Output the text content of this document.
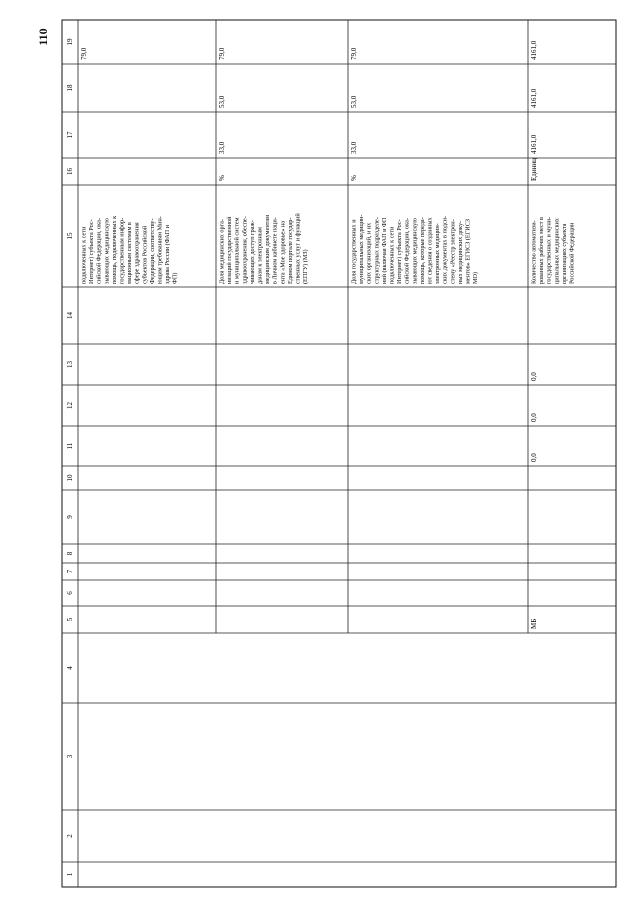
110
1
2
3
4
5
6
7
8
9
10
11
12
13
14
15
16
17
18
19
подключенных к сети Интернет) субъекта Рос- сийской Федерации, ока- зывающих медицинскую помощь, подключенных к государственным инфор- мационным системам в сфере здравоохранения субъектов Российской Федерации, соответству- ющим требованиям Мин- здрава России (ФАП и ФП)
79,0
Доля медицинских орга- низаций государственной и муниципальной систем здравоохранения, обеспе- чивающих доступ граж- данам к электронным медицинским документам в Личном кабинете паци- ента «Мое здоровье» на Едином портале государ- ственных услуг и функций (ЕПГУ) (МЗ)
%
33,0
53,0
79,0
Доля государственных и муниципальных медицин- ских организаций, и их структурных подразделе- ний (включая ФАП и ФП подключенных к сети Интернет) субъекта Рос- сийской Федерации, ока- зывающих медицинскую помощь, которые переда- ют сведения о созданных электронных медицин- ских документах в подси- стему «Реестр электрон- ных медицинских доку- ментов» ЕГИСЗ (ЕГИСЗ МО)
%
33,0
53,0
79,0
Количество автоматизи- рованных рабочих мест в государственных и муни- ципальных медицинских организациях субъекта Российской Федерации
Единиц
4161,0
4161,0
4161,0
0,0
0,0
0,0
МБ
